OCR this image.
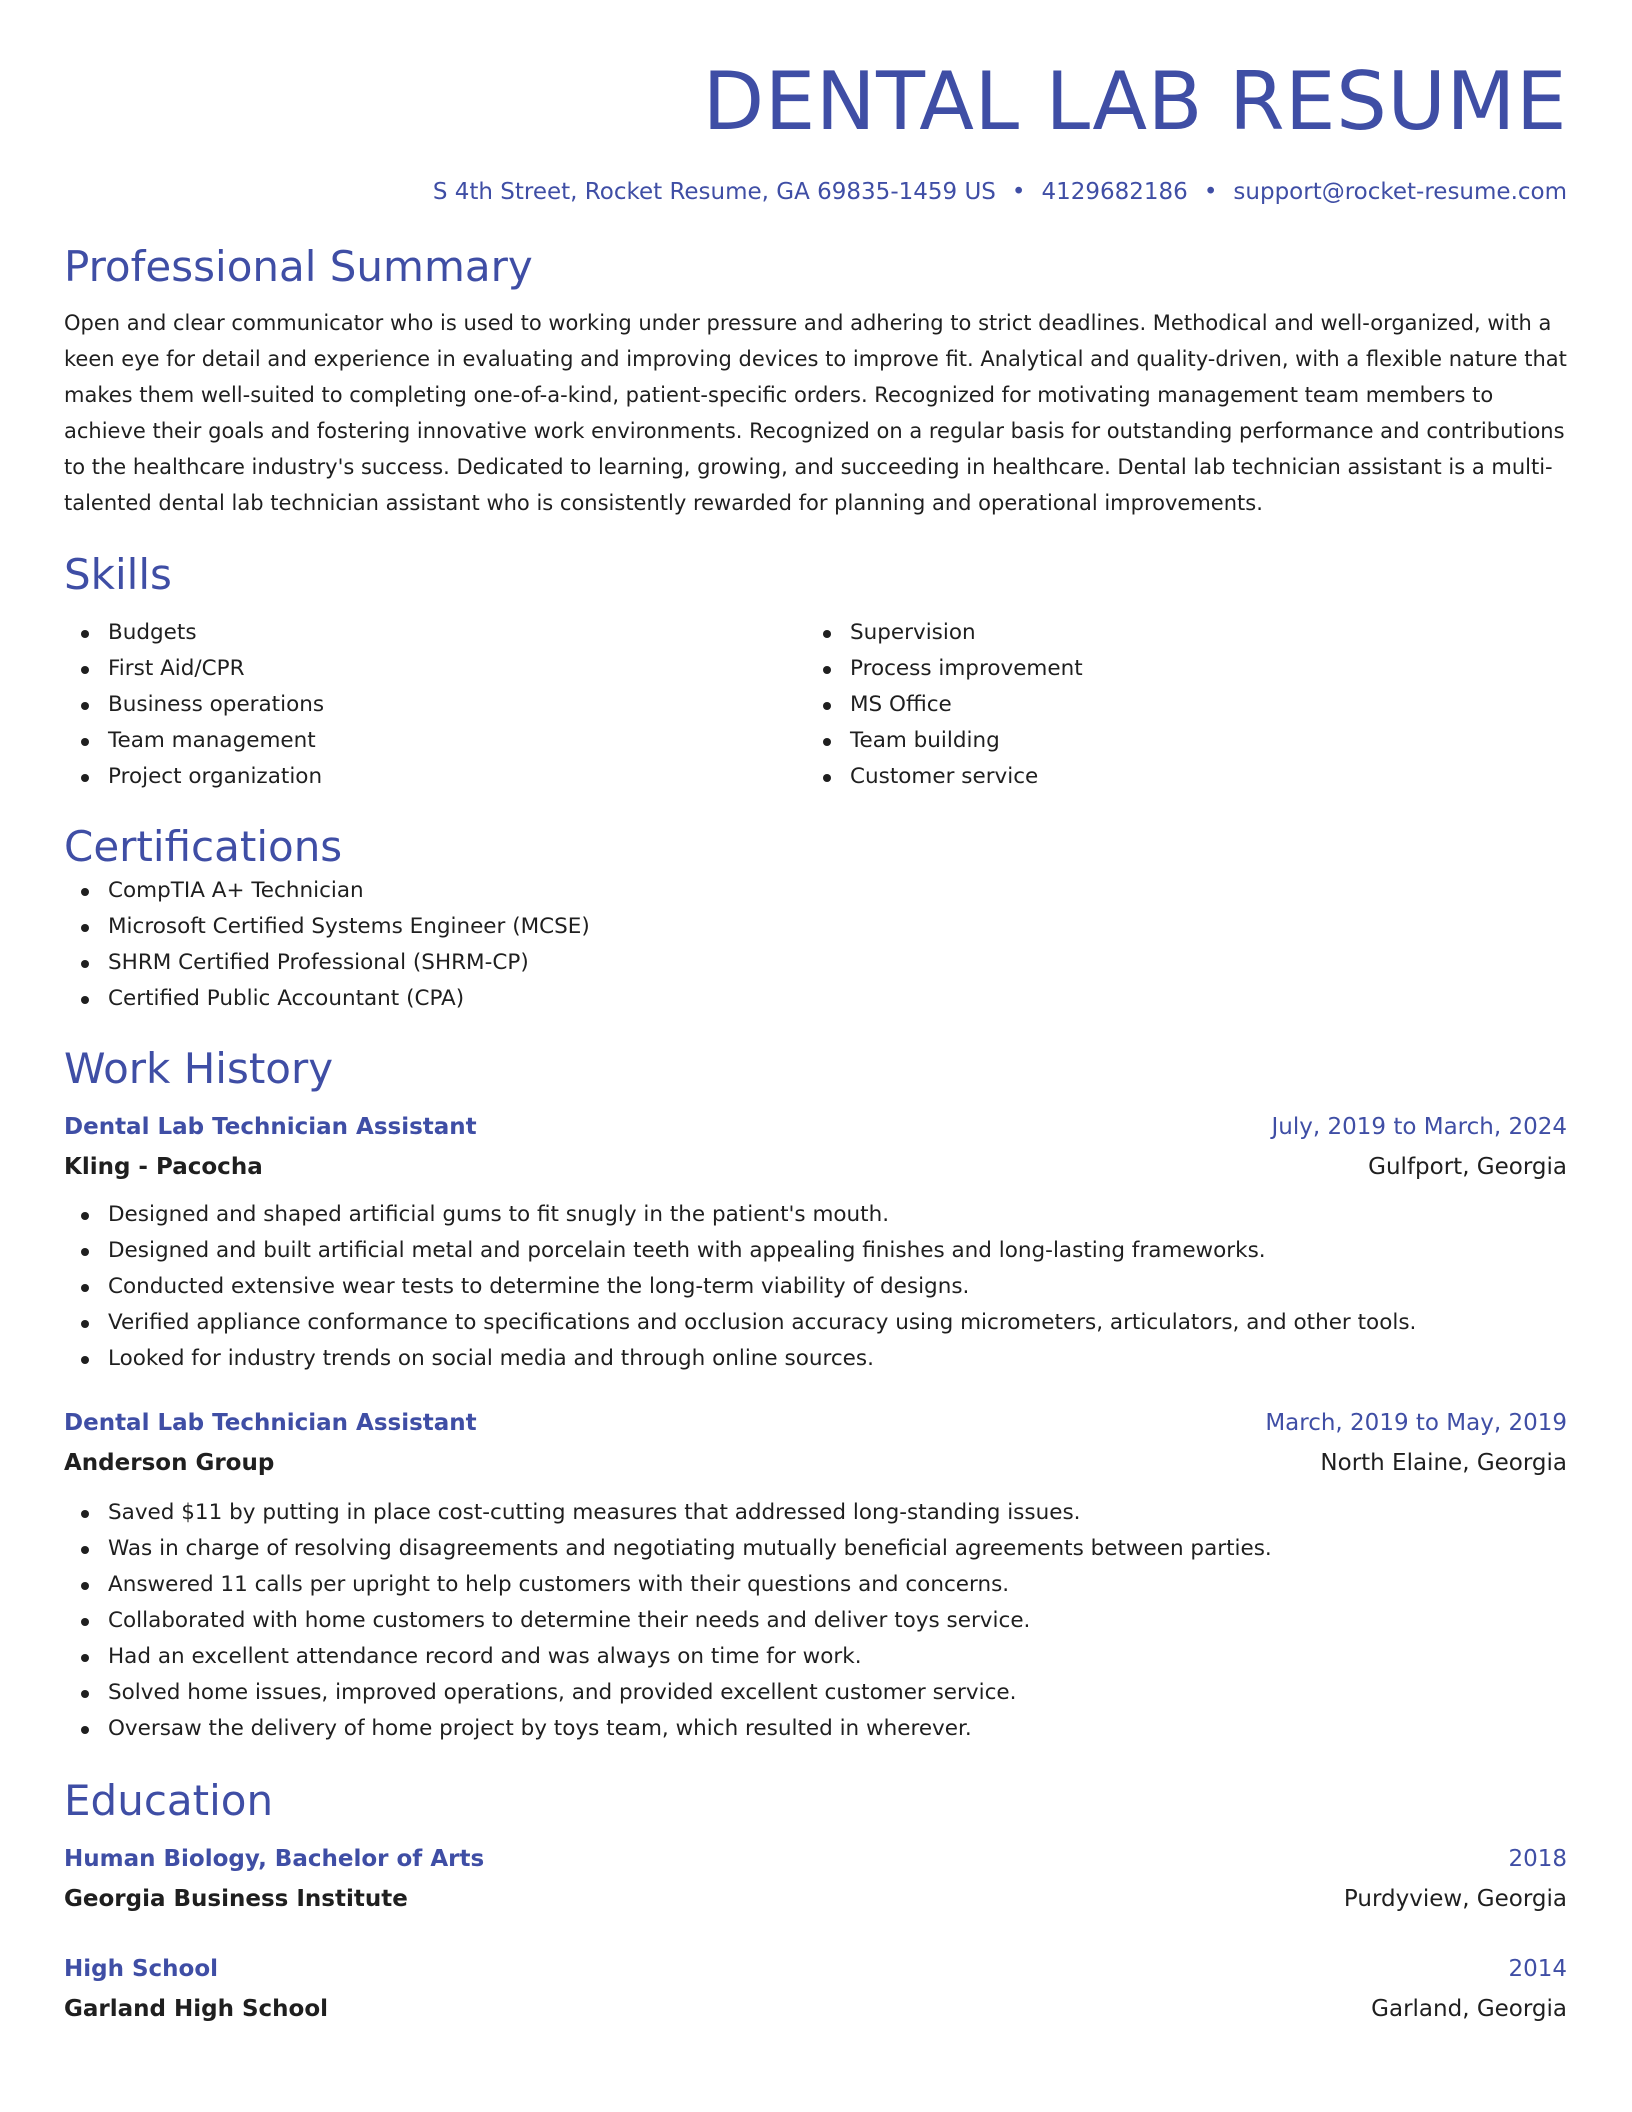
DENTAL LAB RESUME
S 4th Street, Rocket Resume, GA 69835-1459 US • 4129682186 • support@rocket-resume.com
Professional Summary

Open and clear communicator who is used to working under pressure and adhering to strict deadlines. Methodical and well-organized, with a keen eye for detail and experience in evaluating and improving devices to improve fit. Analytical and quality-driven, with a flexible nature that makes them well-suited to completing one-of-a-kind, patient-specific orders. Recognized for motivating management team members to achieve their goals and fostering innovative work environments. Recognized on a regular basis for outstanding performance and contributions to the healthcare industry's success. Dedicated to learning, growing, and succeeding in healthcare. Dental lab technician assistant is a multi-talented dental lab technician assistant who is consistently rewarded for planning and operational improvements.

Skills
Budgets
First Aid/CPR
Business operations
Team management
Project organization
Supervision
Process improvement
MS Office
Team building
Customer service
Certifications
CompTIA A+ Technician
Microsoft Certified Systems Engineer (MCSE)
SHRM Certified Professional (SHRM-CP)
Certified Public Accountant (CPA)
Work History
Dental Lab Technician Assistant	July, 2019 to March, 2024
Kling - Pacocha	Gulfport, Georgia
Designed and shaped artificial gums to fit snugly in the patient's mouth.
Designed and built artificial metal and porcelain teeth with appealing finishes and long-lasting frameworks.
Conducted extensive wear tests to determine the long-term viability of designs.
Verified appliance conformance to specifications and occlusion accuracy using micrometers, articulators, and other tools.
Looked for industry trends on social media and through online sources.
Dental Lab Technician Assistant	March, 2019 to May, 2019
Anderson Group	North Elaine, Georgia
Saved $11 by putting in place cost-cutting measures that addressed long-standing issues.
Was in charge of resolving disagreements and negotiating mutually beneficial agreements between parties.
Answered 11 calls per upright to help customers with their questions and concerns.
Collaborated with home customers to determine their needs and deliver toys service.
Had an excellent attendance record and was always on time for work.
Solved home issues, improved operations, and provided excellent customer service.
Oversaw the delivery of home project by toys team, which resulted in wherever.
Education
Human Biology, Bachelor of Arts	2018
Georgia Business Institute	Purdyview, Georgia
High School	2014
Garland High School	Garland, Georgia
